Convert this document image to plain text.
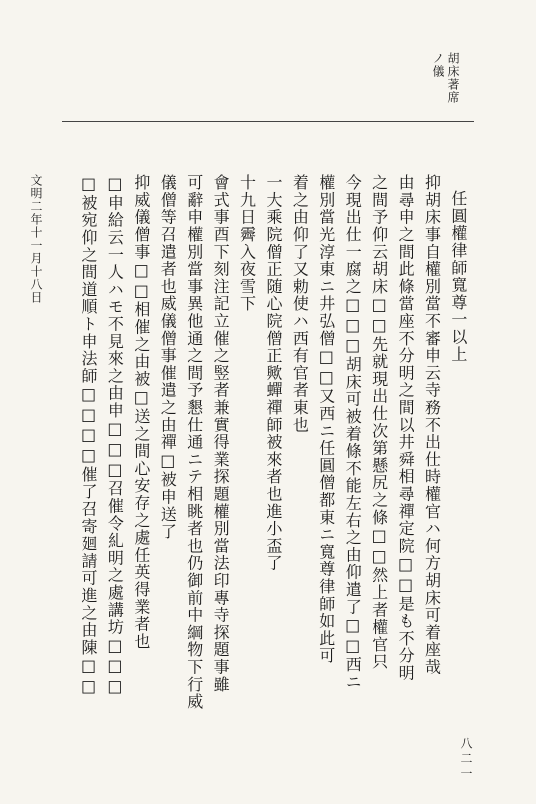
胡床著席
ノ儀
任圓權律師寬尊一以上
抑胡床事自權別當不審申云寺務不出仕時權官ハ何方胡床可着座哉
由尋申之間此條當座不分明之間以井舜相尋禪定院□□是も不分明
之間予仰云胡床□□先就現出仕次第懸尻之條□□然上者權官只
今現出仕一腐之□□□胡床可被着條不能左右之由仰遣了□□西ニ
權別當光淳東ニ井弘僧□□又西ニ任圓僧都東ニ寬尊律師如此可
着之由仰了又勅使ハ西有官者東也
一大乘院僧正随心院僧正歟蟬禪師被來者也進小盃了
十九日霽入夜雪下
會式事酉下刻注記立催之竪者兼實得業探題權別當法印專寺探題事雖
可辭申權別當事異他通之間予懇仕通ニテ相眺者也仍御前中綱物下行威
儀僧等召遣者也威儀僧事催遣之由禪□被申送了
抑威儀僧事□□相催之由被□送之間心安存之處任英得業者也
□申給云一人ハモ不見來之由申□□□召催令糺明之處講坊□□□
□被宛仰之間道順ト申法師□□□□催了召寄廻請可進之由陳□□
文明二年十一月十八日
八二一
